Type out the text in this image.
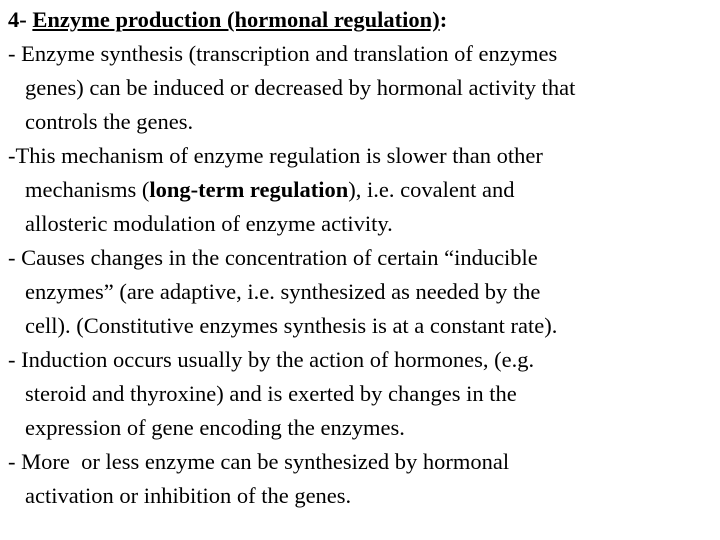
4- Enzyme production (hormonal regulation):
- Enzyme synthesis (transcription and translation of enzymes
genes) can be induced or decreased by hormonal activity that
controls the genes.
-This mechanism of enzyme regulation is slower than other
mechanisms (long-term regulation), i.e. covalent and
allosteric modulation of enzyme activity.
- Causes changes in the concentration of certain “inducible
enzymes” (are adaptive, i.e. synthesized as needed by the
cell). (Constitutive enzymes synthesis is at a constant rate).
- Induction occurs usually by the action of hormones, (e.g.
steroid and thyroxine) and is exerted by changes in the
expression of gene encoding the enzymes.
- More  or less enzyme can be synthesized by hormonal
activation or inhibition of the genes.
